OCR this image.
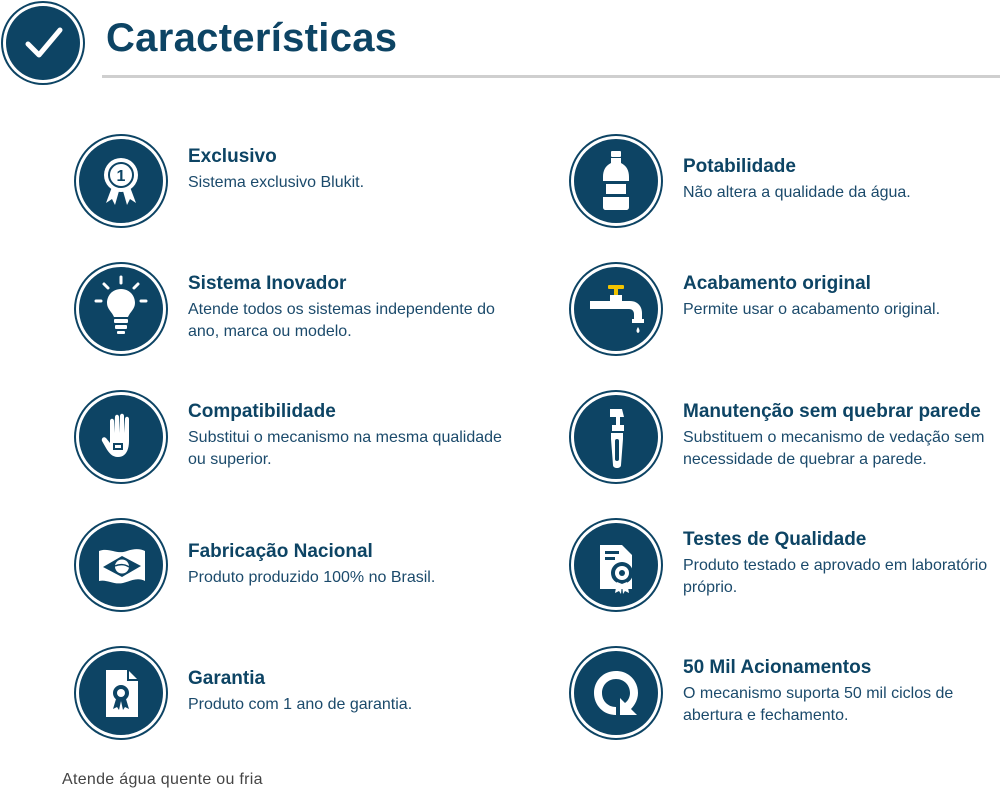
Características
1
Exclusivo
Sistema exclusivo Blukit.
Sistema Inovador
Atende todos os sistemas independente do ano, marca ou modelo.
Compatibilidade
Substitui o mecanismo na mesma qualidade ou superior.
Fabricação Nacional
Produto produzido 100% no Brasil.
Garantia
Produto com 1 ano de garantia.
Potabilidade
Não altera a qualidade da água.
Acabamento original
Permite usar o acabamento original.
Manutenção sem quebrar parede
Substituem o mecanismo de vedação sem necessidade de quebrar a parede.
Testes de Qualidade
Produto testado e aprovado em laboratório próprio.
50 Mil Acionamentos
O mecanismo suporta 50 mil ciclos de abertura e fechamento.
Atende água quente ou fria
